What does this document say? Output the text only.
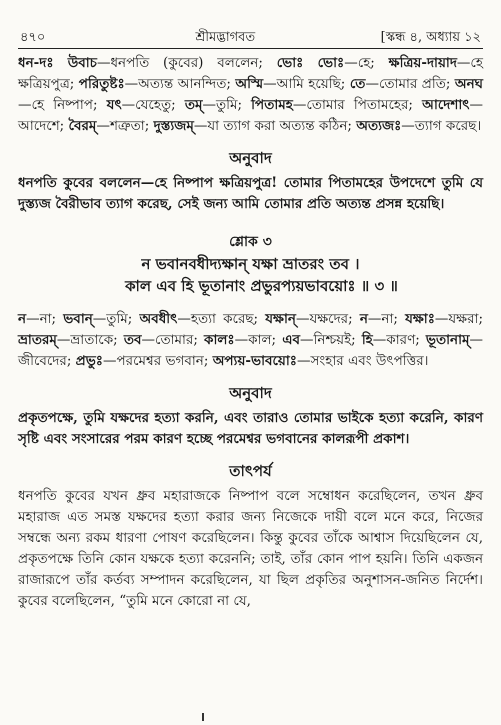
৪৭০	শ্রীমদ্ভাগবত	[স্কন্ধ ৪, অধ্যায় ১২
ধন-দঃ উবাচ—ধনপতি (কুবের) বললেন; ভোঃ ভোঃ—হে; ক্ষত্রিয়-দায়াদ—হে ক্ষত্রিয়পুত্র; পরিতুষ্টঃ—অত্যন্ত আনন্দিত; অস্মি—আমি হয়েছি; তে—তোমার প্রতি; অনঘ—হে নিষ্পাপ; যৎ—যেহেতু; তম্—তুমি; পিতামহ—তোমার পিতামহের; আদেশাৎ—আদেশে; বৈরম্—শত্রুতা; দুস্ত্যজম্—যা ত্যাগ করা অত্যন্ত কঠিন; অত্যজঃ—ত্যাগ করেছ।
অনুবাদ
ধনপতি কুবের বললেন—হে নিষ্পাপ ক্ষত্রিয়পুত্র! তোমার পিতামহের উপদেশে তুমি যে দুস্ত্যজ বৈরীভাব ত্যাগ করেছ, সেই জন্য আমি তোমার প্রতি অত্যন্ত প্রসন্ন হয়েছি।
শ্লোক ৩
ন ভবানবধীদ্যক্ষান্ যক্ষা ভ্রাতরং তব ।
কাল এব হি ভূতানাং প্রভুরপ্যয়ভাবয়োঃ ॥ ৩ ॥
ন—না; ভবান্—তুমি; অবধীৎ—হত্যা করেছ; যক্ষান্—যক্ষদের; ন—না; যক্ষাঃ—যক্ষরা; ভ্রাতরম্—ভ্রাতাকে; তব—তোমার; কালঃ—কাল; এব—নিশ্চয়ই; হি—কারণ; ভূতানাম্—জীবেদের; প্রভুঃ—পরমেশ্বর ভগবান; অপ্যয়-ভাবয়োঃ—সংহার এবং উৎপত্তির।
অনুবাদ
প্রকৃতপক্ষে, তুমি যক্ষদের হত্যা করনি, এবং তারাও তোমার ভাইকে হত্যা করেনি, কারণ সৃষ্টি এবং সংসারের পরম কারণ হচ্ছে পরমেশ্বর ভগবানের কালরূপী প্রকাশ।
তাৎপর্য
ধনপতি কুবের যখন ধ্রুব মহারাজকে নিষ্পাপ বলে সম্বোধন করেছিলেন, তখন ধ্রুব মহারাজ এত সমস্ত যক্ষদের হত্যা করার জন্য নিজেকে দায়ী বলে মনে করে, নিজের সম্বন্ধে অন্য রকম ধারণা পোষণ করেছিলেন। কিন্তু কুবের তাঁকে আশ্বাস দিয়েছিলেন যে, প্রকৃতপক্ষে তিনি কোন যক্ষকে হত্যা করেননি; তাই, তাঁর কোন পাপ হয়নি। তিনি একজন রাজারূপে তাঁর কর্তব্য সম্পাদন করেছিলেন, যা ছিল প্রকৃতির অনুশাসন-জনিত নির্দেশ। কুবের বলেছিলেন, “তুমি মনে কোরো না যে,
